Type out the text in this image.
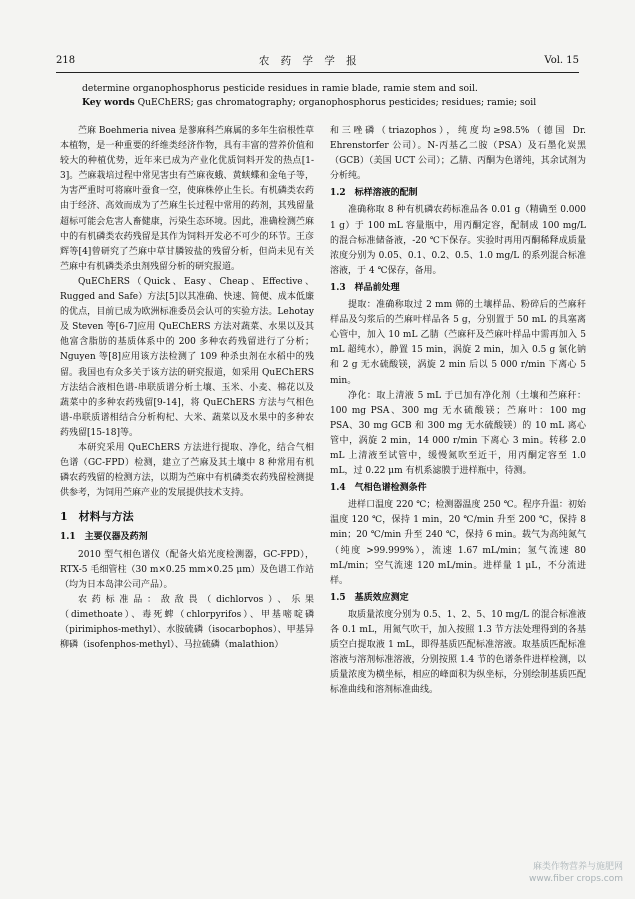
218	农 药 学 学 报	Vol. 15
determine organophosphorus pesticide residues in ramie blade, ramie stem and soil.
Key words QuEChERS; gas chromatography; organophosphorus pesticides; residues; ramie; soil

苎麻 Boehmeria nivea 是蓼麻科苎麻属的多年生宿根性草本植物，是一种重要的纤维类经济作物，具有丰富的营养价值和较大的种植优势，近年来已成为产业化优质饲料开发的热点[1-3]。苎麻栽培过程中常见害虫有苎麻夜蛾、黄蛱蝶和金龟子等，为害严重时可将麻叶蚕食一空，使麻株停止生长。有机磷类农药由于经济、高效而成为了苎麻生长过程中常用的药剂，其残留量超标可能会危害人畜健康，污染生态环境。因此，准确检测苎麻中的有机磷类农药残留是其作为饲料开发必不可少的环节。王彦辉等[4]曾研究了苎麻中草甘膦铵盐的残留分析，但尚未见有关苎麻中有机磷类杀虫剂残留分析的研究报道。

QuEChERS（Quick、Easy、Cheap、Effective、Rugged and Safe）方法[5]以其准确、快速、简便、成本低廉的优点，目前已成为欧洲标准委员会认可的实验方法。Lehotay 及 Steven 等[6-7]应用 QuEChERS 方法对蔬菜、水果以及其他富含脂肪的基质体系中的 200 多种农药残留进行了分析；Nguyen 等[8]应用该方法检测了 109 种杀虫剂在水稻中的残留。我国也有众多关于该方法的研究报道，如采用 QuEChERS 方法结合液相色谱-串联质谱分析土壤、玉米、小麦、棉花以及蔬菜中的多种农药残留[9-14]，将 QuEChERS 方法与气相色谱-串联质谱相结合分析枸杞、大米、蔬菜以及水果中的多种农药残留[15-18]等。

本研究采用 QuEChERS 方法进行提取、净化，结合气相色谱（GC-FPD）检测，建立了苎麻及其土壤中 8 种常用有机磷农药残留的检测方法，以期为苎麻中有机磷类农药残留检测提供参考，为饲用苎麻产业的发展提供技术支持。

1　材料与方法

1.1　主要仪器及药剂

2010 型气相色谱仪（配备火焰光度检测器，GC-FPD），RTX-5 毛细管柱（30 m×0.25 mm×0.25 μm）及色谱工作站（均为日本岛津公司产品）。

农药标准品：敌敌畏（dichlorvos）、乐果（dimethoate）、毒死蜱（chlorpyrifos）、甲基嘧啶磷（pirimiphos-methyl）、水胺硫磷（isocarbophos）、甲基异柳磷（isofenphos-methyl）、马拉硫磷（malathion）

和三唑磷（triazophos），纯度均≥98.5%（德国 Dr. Ehrenstorfer 公司）。N-丙基乙二胺（PSA）及石墨化炭黑（GCB）（美国 UCT 公司）；乙腈、丙酮为色谱纯，其余试剂为分析纯。

1.2　标样溶液的配制

准确称取 8 种有机磷农药标准品各 0.01 g（精确至 0.000 1 g）于 100 mL 容量瓶中，用丙酮定容，配制成 100 mg/L 的混合标准储备液，-20 ℃下保存。实验时再用丙酮稀释成质量浓度分别为 0.05、0.1、0.2、0.5、1.0 mg/L 的系列混合标准溶液，于 4 ℃保存，备用。

1.3　样品前处理

提取：准确称取过 2 mm 筛的土壤样品、粉碎后的苎麻秆样品及匀浆后的苎麻叶样品各 5 g，分别置于 50 mL 的具塞离心管中，加入 10 mL 乙腈（苎麻秆及苎麻叶样品中需再加入 5 mL 超纯水），静置 15 min，涡旋 2 min，加入 0.5 g 氯化钠和 2 g 无水硫酸镁，涡旋 2 min 后以 5 000 r/min 下离心 5 min。

净化：取上清液 5 mL 于已加有净化剂（土壤和苎麻秆：100 mg PSA、300 mg 无水硫酸镁；苎麻叶：100 mg PSA、30 mg GCB 和 300 mg 无水硫酸镁）的 10 mL 离心管中，涡旋 2 min，14 000 r/min 下离心 3 min。转移 2.0 mL 上清液至试管中，缓慢氮吹至近干，用丙酮定容至 1.0 mL，过 0.22 μm 有机系滤膜于进样瓶中，待测。

1.4　气相色谱检测条件

进样口温度 220 ℃；检测器温度 250 ℃。程序升温：初始温度 120 ℃，保持 1 min，20 ℃/min 升至 200 ℃，保持 8 min；20 ℃/min 升至 240 ℃，保持 6 min。载气为高纯氮气（纯度 >99.999%），流速 1.67 mL/min；氢气流速 80 mL/min；空气流速 120 mL/min。进样量 1 μL，不分流进样。

1.5　基质效应测定

取质量浓度分别为 0.5、1、2、5、10 mg/L 的混合标准液各 0.1 mL，用氮气吹干，加入按照 1.3 节方法处理得到的各基质空白提取液 1 mL，即得基质匹配标准溶液。取基质匹配标准溶液与溶剂标准溶液，分别按照 1.4 节的色谱条件进样检测，以质量浓度为横坐标，相应的峰面积为纵坐标，分别绘制基质匹配标准曲线和溶剂标准曲线。

麻类作物营养与施肥网
www.fiber crops.com
